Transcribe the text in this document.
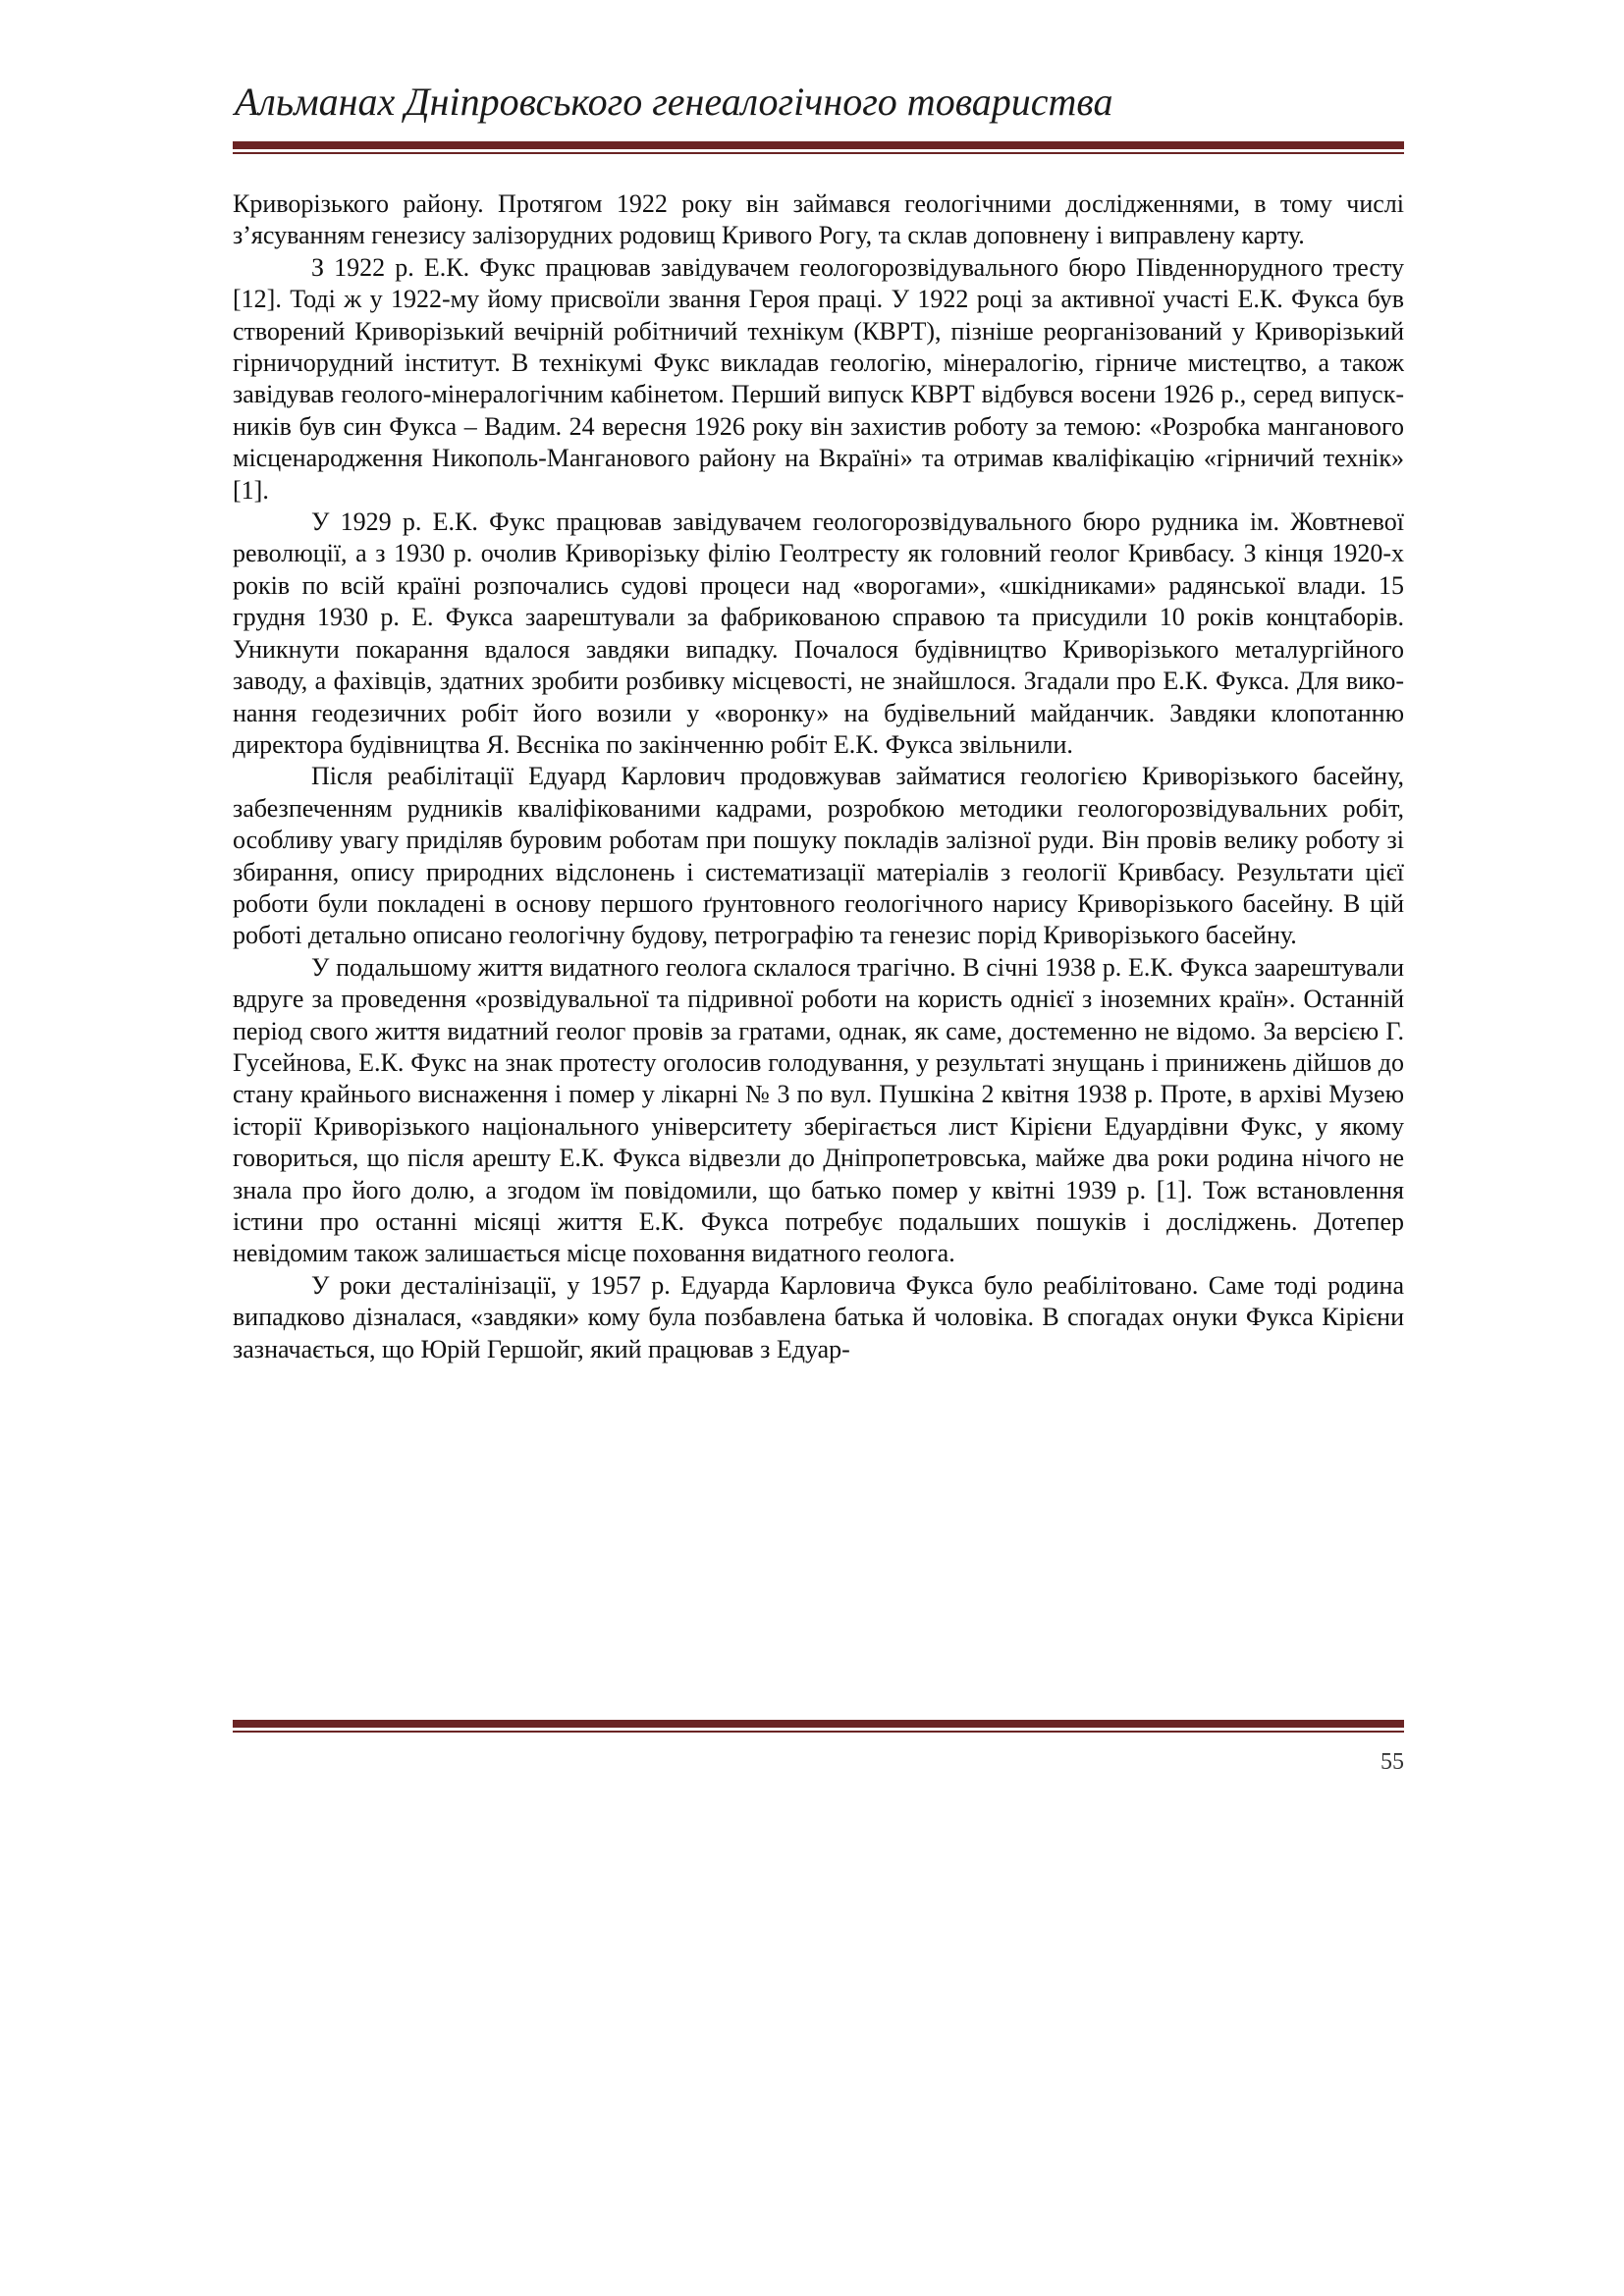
Альманах Дніпровського генеалогічного товариства

Криворізького району. Протягом 1922 року він займався геологічними дослідженнями, в тому числі з’ясуванням генезису залізорудних родовищ Кривого Рогу, та склав доповнену і виправлену карту.

З 1922 р. Е.К. Фукс працював завідувачем геологорозвідувального бюро Південнорудного тресту [12]. Тоді ж у 1922-му йому присвоїли звання Героя праці. У 1922 році за активної участі Е.К. Фукса був створений Криворізький вечірній робітничий технікум (КВРТ), пізніше реорганізований у Криворізький гірничорудний інститут. В технікумі Фукс викладав геологію, мінералогію, гірниче мистецтво, а також завідував геолого-мінералогічним кабінетом. Перший випуск КВРТ відбувся восени 1926 р., серед випускників був син Фукса – Вадим. 24 вересня 1926 року він захистив роботу за темою: «Розробка манганового місценародження Никополь-Манганового району на Вкраїні» та отримав кваліфікацію «гірничий технік» [1].

У 1929 р. Е.К. Фукс працював завідувачем геологорозвідувального бюро рудника ім. Жовтневої революції, а з 1930 р. очолив Криворізьку філію Геолтресту як головний геолог Кривбасу. З кінця 1920-х років по всій країні розпочались судові процеси над «ворогами», «шкідниками» радянської влади. 15 грудня 1930 р. Е. Фукса заарештували за фабрикованою справою та присудили 10 років концтаборів. Уникнути покарання вдалося завдяки випадку. Почалося будівництво Криворізького металургійного заводу, а фахівців, здатних зробити розбивку місцевості, не знайшлося. Згадали про Е.К. Фукса. Для виконання геодезичних робіт його возили у «воронку» на будівельний майданчик. Завдяки клопотанню директора будівництва Я. Вєсніка по закінченню робіт Е.К. Фукса звільнили.

Після реабілітації Едуард Карлович продовжував займатися геологією Криворізького басейну, забезпеченням рудників кваліфікованими кадрами, розробкою методики геологорозвідувальних робіт, особливу увагу приділяв буровим роботам при пошуку покладів залізної руди. Він провів велику роботу зі збирання, опису природних відслонень і систематизації матеріалів з геології Кривбасу. Результати цієї роботи були покладені в основу першого ґрунтовного геологічного нарису Криворізького басейну. В цій роботі детально описано геологічну будову, петрографію та генезис порід Криворізького басейну.

У подальшому життя видатного геолога склалося трагічно. В січні 1938 р. Е.К. Фукса заарештували вдруге за проведення «розвідувальної та підривної роботи на користь однієї з іноземних країн». Останній період свого життя видатний геолог провів за гратами, однак, як саме, достеменно не відомо. За версією Г. Гусейнова, Е.К. Фукс на знак протесту оголосив голодування, у результаті знущань і принижень дійшов до стану крайнього виснаження і помер у лікарні № 3 по вул. Пушкіна 2 квітня 1938 р. Проте, в архіві Музею історії Криворізького національного університету зберігається лист Кірієни Едуардівни Фукс, у якому говориться, що після арешту Е.К. Фукса відвезли до Дніпропетровська, майже два роки родина нічого не знала про його долю, а згодом їм повідомили, що батько помер у квітні 1939 р. [1]. Тож встановлення істини про останні місяці життя Е.К. Фукса потребує подальших пошуків і досліджень. Дотепер невідомим також залишається місце поховання видатного геолога.

У роки десталінізації, у 1957 р. Едуарда Карловича Фукса було реабілітовано. Саме тоді родина випадково дізналася, «завдяки» кому була позбавлена батька й чоловіка. В спогадах онуки Фукса Кірієни зазначається, що Юрій Гершойг, який працював з Едуар-

55
